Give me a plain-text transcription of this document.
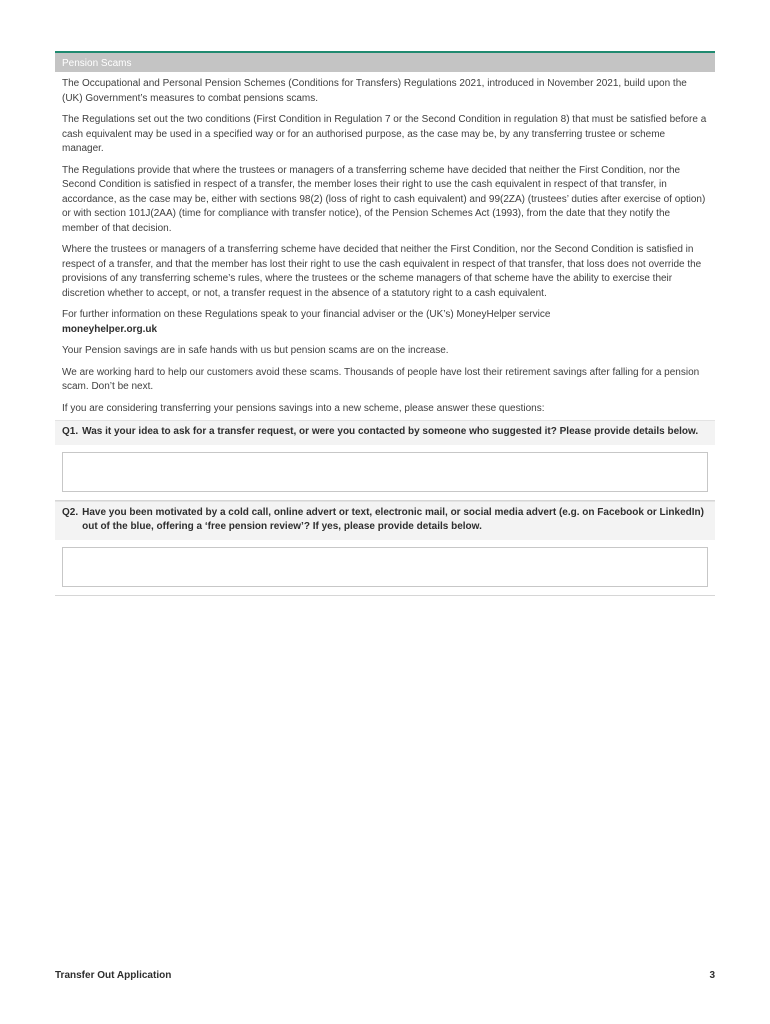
Pension Scams

The Occupational and Personal Pension Schemes (Conditions for Transfers) Regulations 2021, introduced in November 2021, build upon the (UK) Government’s measures to combat pensions scams.

The Regulations set out the two conditions (First Condition in Regulation 7 or the Second Condition in regulation 8) that must be satisfied before a cash equivalent may be used in a specified way or for an authorised purpose, as the case may be, by any transferring trustee or scheme manager.

The Regulations provide that where the trustees or managers of a transferring scheme have decided that neither the First Condition, nor the Second Condition is satisfied in respect of a transfer, the member loses their right to use the cash equivalent in respect of that transfer, in accordance, as the case may be, either with sections 98(2) (loss of right to cash equivalent) and 99(2ZA) (trustees’ duties after exercise of option) or with section 101J(2AA) (time for compliance with transfer notice), of the Pension Schemes Act (1993), from the date that they notify the member of that decision.

Where the trustees or managers of a transferring scheme have decided that neither the First Condition, nor the Second Condition is satisfied in respect of a transfer, and that the member has lost their right to use the cash equivalent in respect of that transfer, that loss does not override the provisions of any transferring scheme’s rules, where the trustees or the scheme managers of that scheme have the ability to exercise their discretion whether to accept, or not, a transfer request in the absence of a statutory right to a cash equivalent.

For further information on these Regulations speak to your financial adviser or the (UK’s) MoneyHelper service
moneyhelper.org.uk

Your Pension savings are in safe hands with us but pension scams are on the increase.

We are working hard to help our customers avoid these scams. Thousands of people have lost their retirement savings after falling for a pension scam. Don’t be next.

If you are considering transferring your pensions savings into a new scheme, please answer these questions:

Q1. Was it your idea to ask for a transfer request, or were you contacted by someone who suggested it? Please provide details below.
Q2. Have you been motivated by a cold call, online advert or text, electronic mail, or social media advert (e.g. on Facebook or LinkedIn) out of the blue, offering a ‘free pension review’? If yes, please provide details below.
Transfer Out Application	3
